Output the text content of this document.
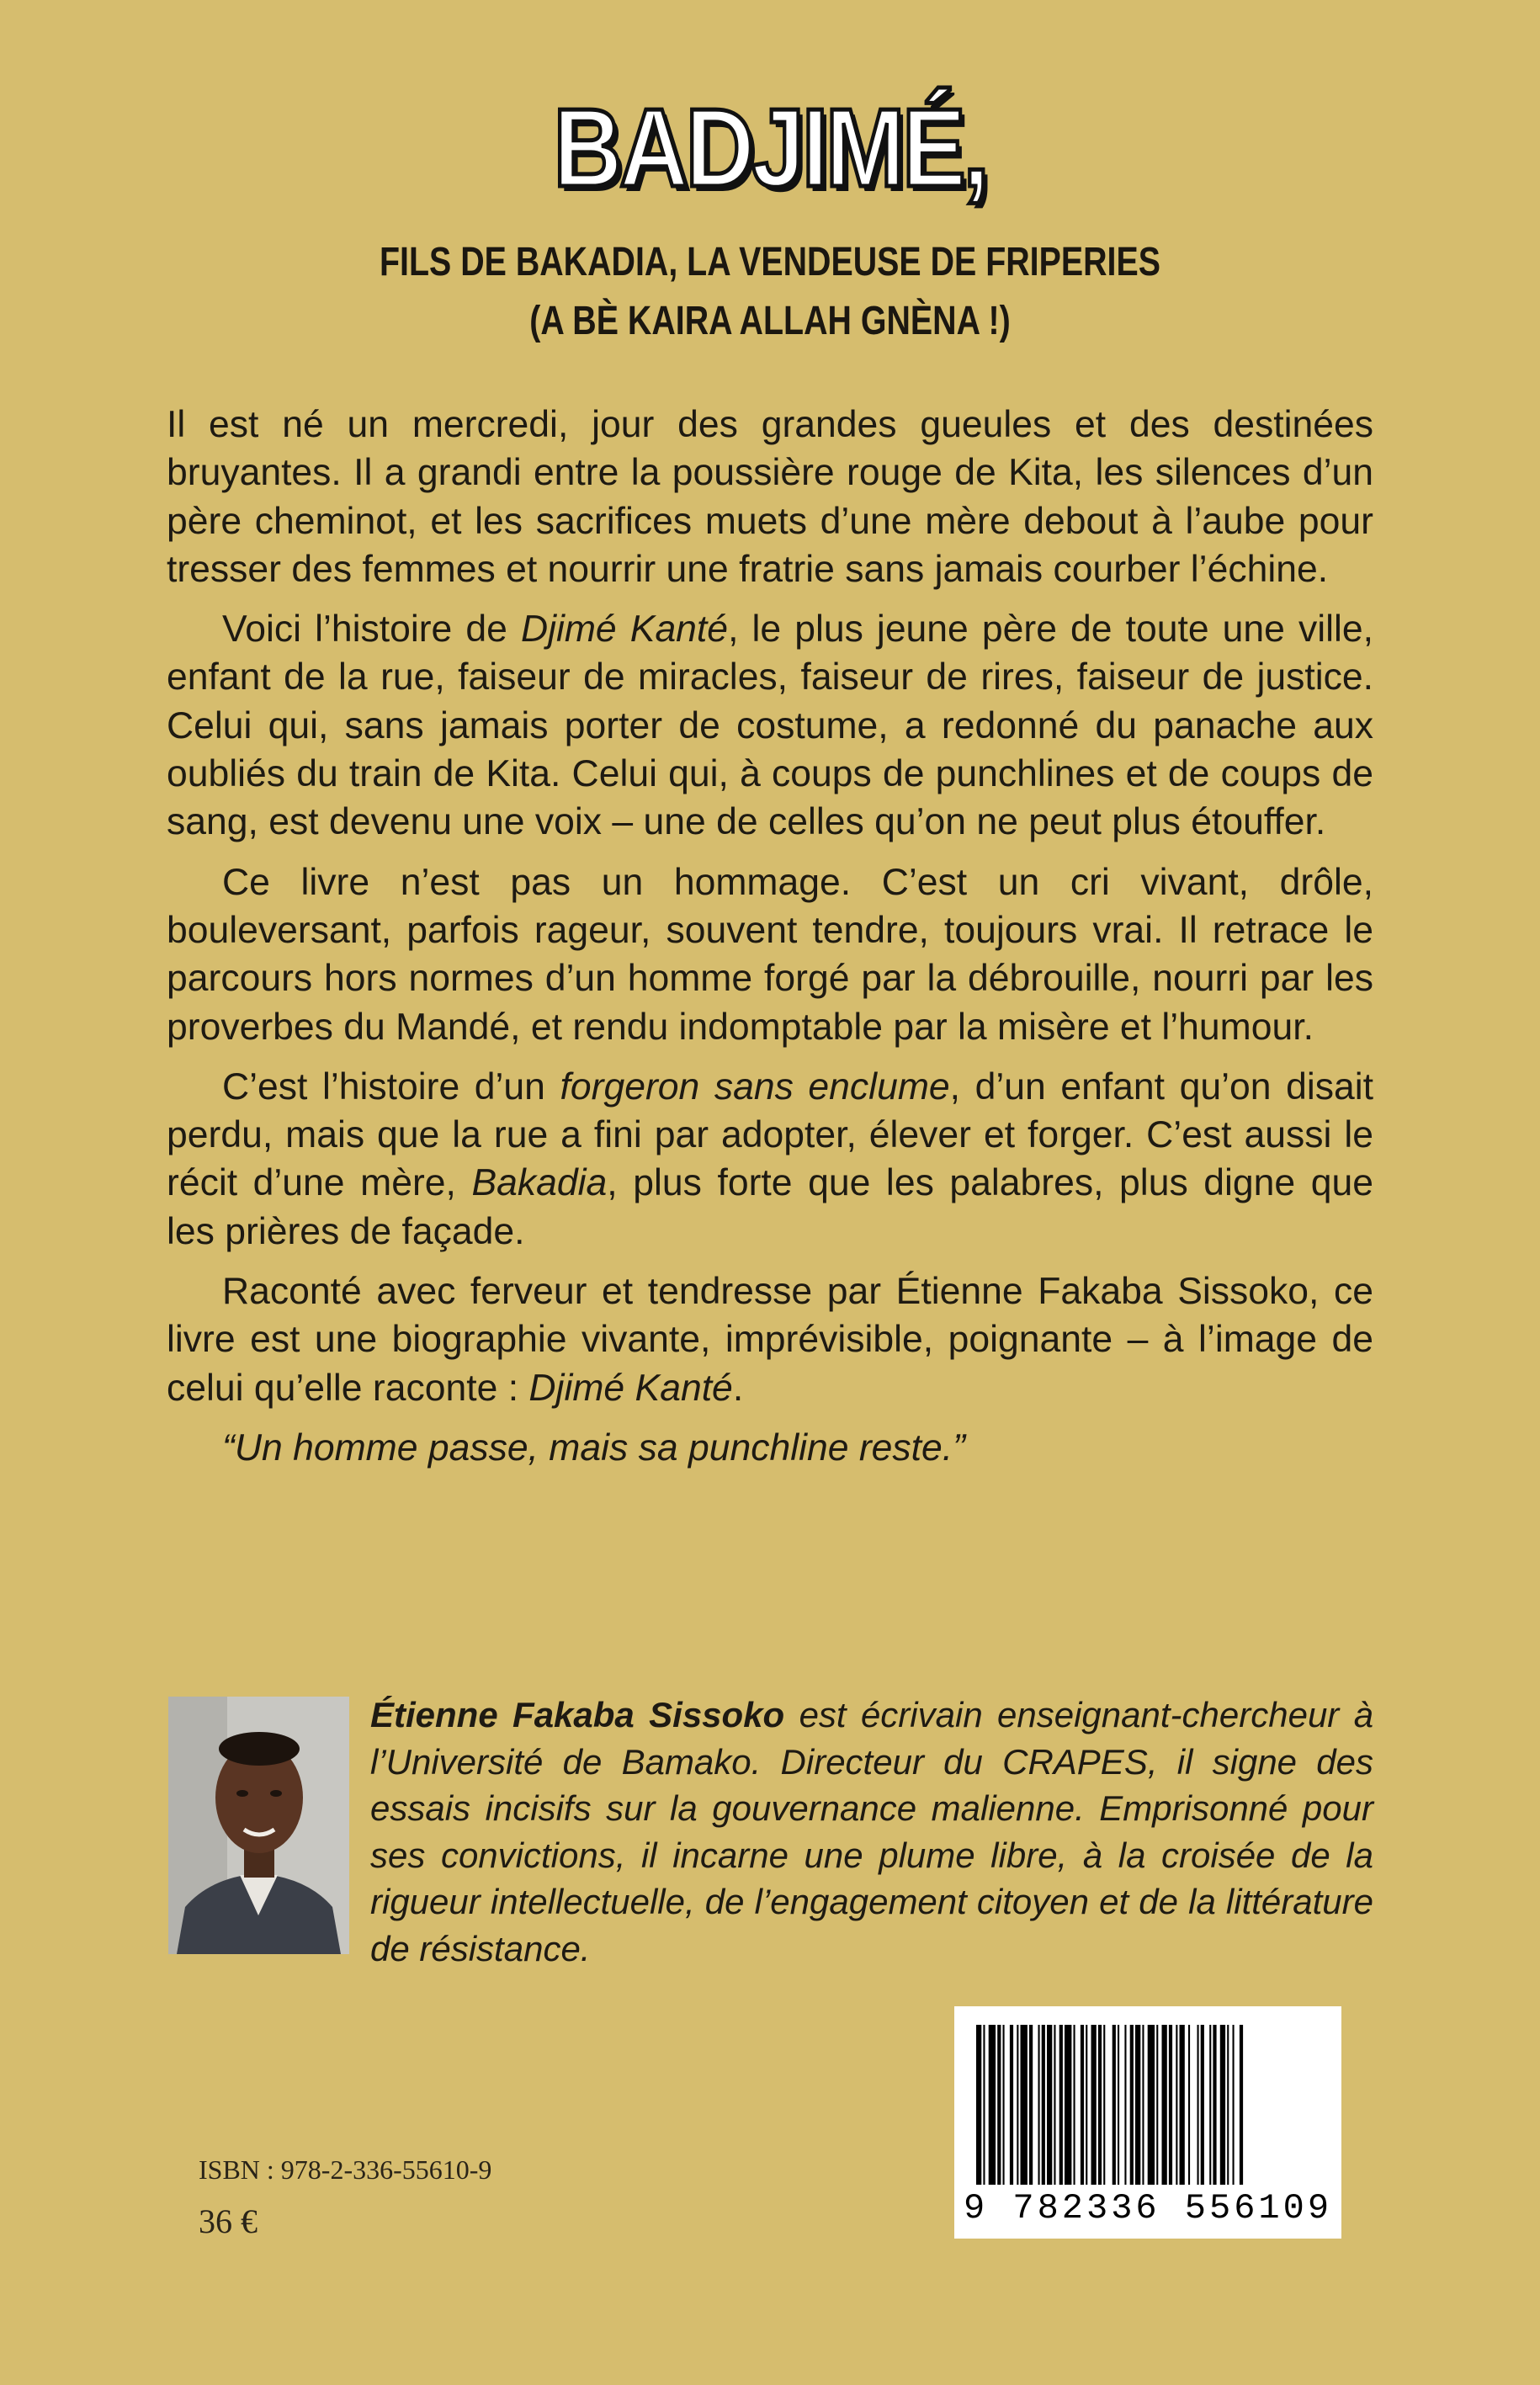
BADJIMÉ,
FILS DE BAKADIA, LA VENDEUSE DE FRIPERIES
(A BÈ KAIRA ALLAH GNÈNA !)

Il est né un mercredi, jour des grandes gueules et des destinées bruyantes. Il a grandi entre la poussière rouge de Kita, les silences d’un père cheminot, et les sacrifices muets d’une mère debout à l’aube pour tresser des femmes et nourrir une fratrie sans jamais courber l’échine.

Voici l’histoire de Djimé Kanté, le plus jeune père de toute une ville, enfant de la rue, faiseur de miracles, faiseur de rires, faiseur de justice. Celui qui, sans jamais porter de costume, a redonné du panache aux oubliés du train de Kita. Celui qui, à coups de punchlines et de coups de sang, est devenu une voix – une de celles qu’on ne peut plus étouffer.

Ce livre n’est pas un hommage. C’est un cri vivant, drôle, bouleversant, parfois rageur, souvent tendre, toujours vrai. Il retrace le parcours hors normes d’un homme forgé par la débrouille, nourri par les proverbes du Mandé, et rendu indomptable par la misère et l’humour.

C’est l’histoire d’un forgeron sans enclume, d’un enfant qu’on disait perdu, mais que la rue a fini par adopter, élever et forger. C’est aussi le récit d’une mère, Bakadia, plus forte que les palabres, plus digne que les prières de façade.

Raconté avec ferveur et tendresse par Étienne Fakaba Sissoko, ce livre est une biographie vivante, imprévisible, poignante – à l’image de celui qu’elle raconte : Djimé Kanté.

“Un homme passe, mais sa punchline reste.”

Étienne Fakaba Sissoko est écrivain enseignant-chercheur à l’Université de Bamako. Directeur du CRAPES, il signe des essais incisifs sur la gouvernance malienne. Emprisonné pour ses convictions, il incarne une plume libre, à la croisée de la rigueur intellectuelle, de l’engagement citoyen et de la littérature de résistance.
9 782336 556109
ISBN : 978-2-336-55610-9
36 €
